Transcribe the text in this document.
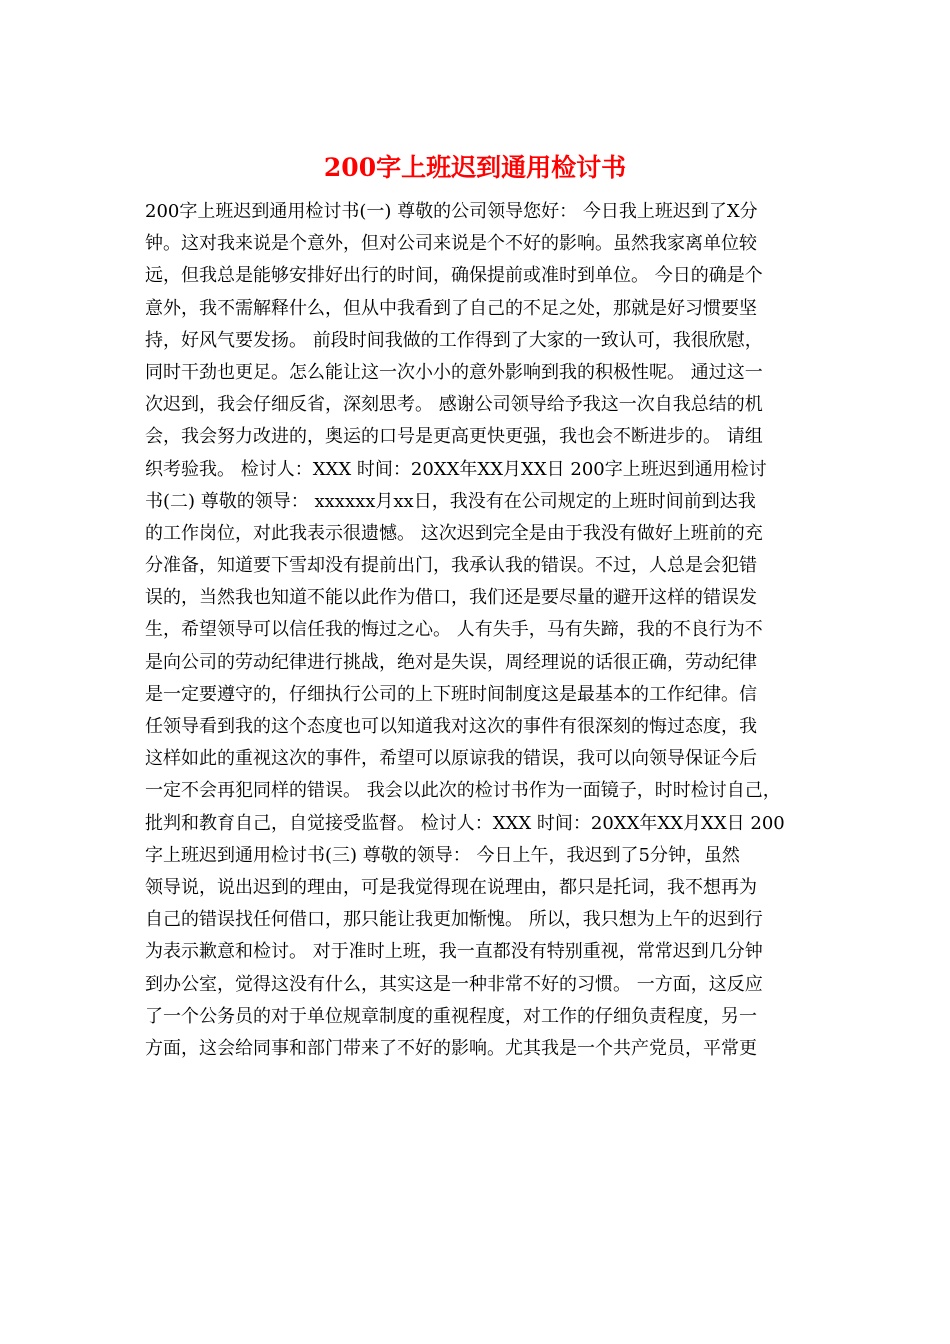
200字上班迟到通用检讨书
200字上班迟到通用检讨书(一) 尊敬的公司领导您好： 今日我上班迟到了X分
钟。这对我来说是个意外，但对公司来说是个不好的影响。虽然我家离单位较
远，但我总是能够安排好出行的时间，确保提前或准时到单位。 今日的确是个
意外，我不需解释什么，但从中我看到了自己的不足之处，那就是好习惯要坚
持，好风气要发扬。 前段时间我做的工作得到了大家的一致认可，我很欣慰，
同时干劲也更足。怎么能让这一次小小的意外影响到我的积极性呢。 通过这一
次迟到，我会仔细反省，深刻思考。 感谢公司领导给予我这一次自我总结的机
会，我会努力改进的，奥运的口号是更高更快更强，我也会不断进步的。 请组
织考验我。 检讨人：XXX 时间：20XX年XX月XX日 200字上班迟到通用检讨
书(二) 尊敬的领导： xxxxxx月xx日，我没有在公司规定的上班时间前到达我
的工作岗位，对此我表示很遗憾。 这次迟到完全是由于我没有做好上班前的充
分准备，知道要下雪却没有提前出门，我承认我的错误。不过，人总是会犯错
误的，当然我也知道不能以此作为借口，我们还是要尽量的避开这样的错误发
生，希望领导可以信任我的悔过之心。 人有失手，马有失蹄，我的不良行为不
是向公司的劳动纪律进行挑战，绝对是失误，周经理说的话很正确，劳动纪律
是一定要遵守的，仔细执行公司的上下班时间制度这是最基本的工作纪律。信
任领导看到我的这个态度也可以知道我对这次的事件有很深刻的悔过态度，我
这样如此的重视这次的事件，希望可以原谅我的错误，我可以向领导保证今后
一定不会再犯同样的错误。 我会以此次的检讨书作为一面镜子，时时检讨自己，
批判和教育自己，自觉接受监督。 检讨人：XXX 时间：20XX年XX月XX日 200
字上班迟到通用检讨书(三) 尊敬的领导： 今日上午，我迟到了5分钟，虽然
领导说，说出迟到的理由，可是我觉得现在说理由，都只是托词，我不想再为
自己的错误找任何借口，那只能让我更加惭愧。 所以，我只想为上午的迟到行
为表示歉意和检讨。 对于准时上班，我一直都没有特别重视，常常迟到几分钟
到办公室，觉得这没有什么，其实这是一种非常不好的习惯。 一方面，这反应
了一个公务员的对于单位规章制度的重视程度，对工作的仔细负责程度，另一
方面，这会给同事和部门带来了不好的影响。尤其我是一个共产党员，平常更
